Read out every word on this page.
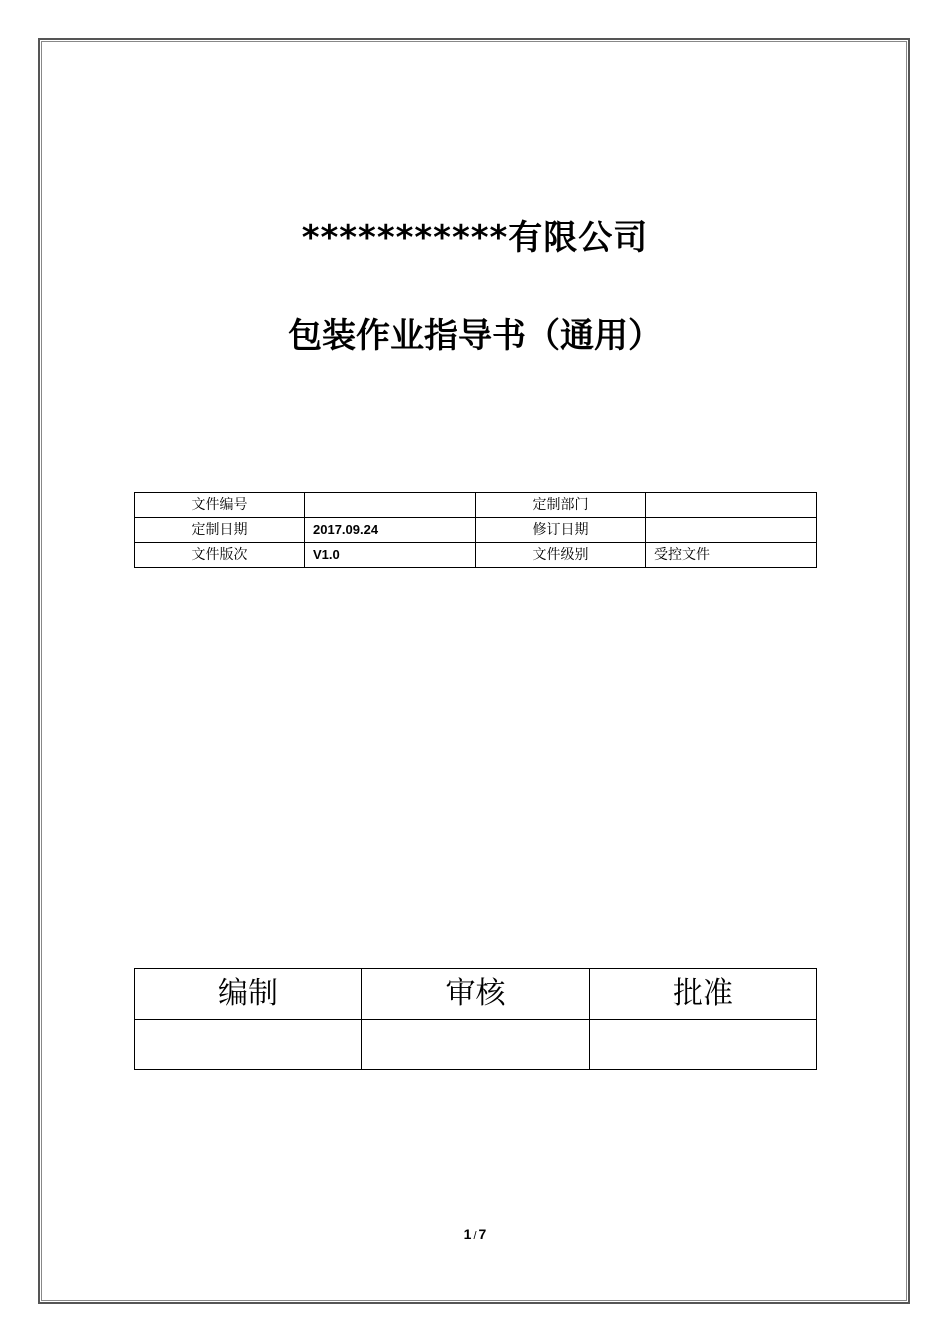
***********有限公司
包装作业指导书（通用）
文件编号		定制部门	
定制日期	2017.09.24	修订日期	
文件版次	V1.0	文件级别	受控文件
编制	审核	批准

1 / 7
